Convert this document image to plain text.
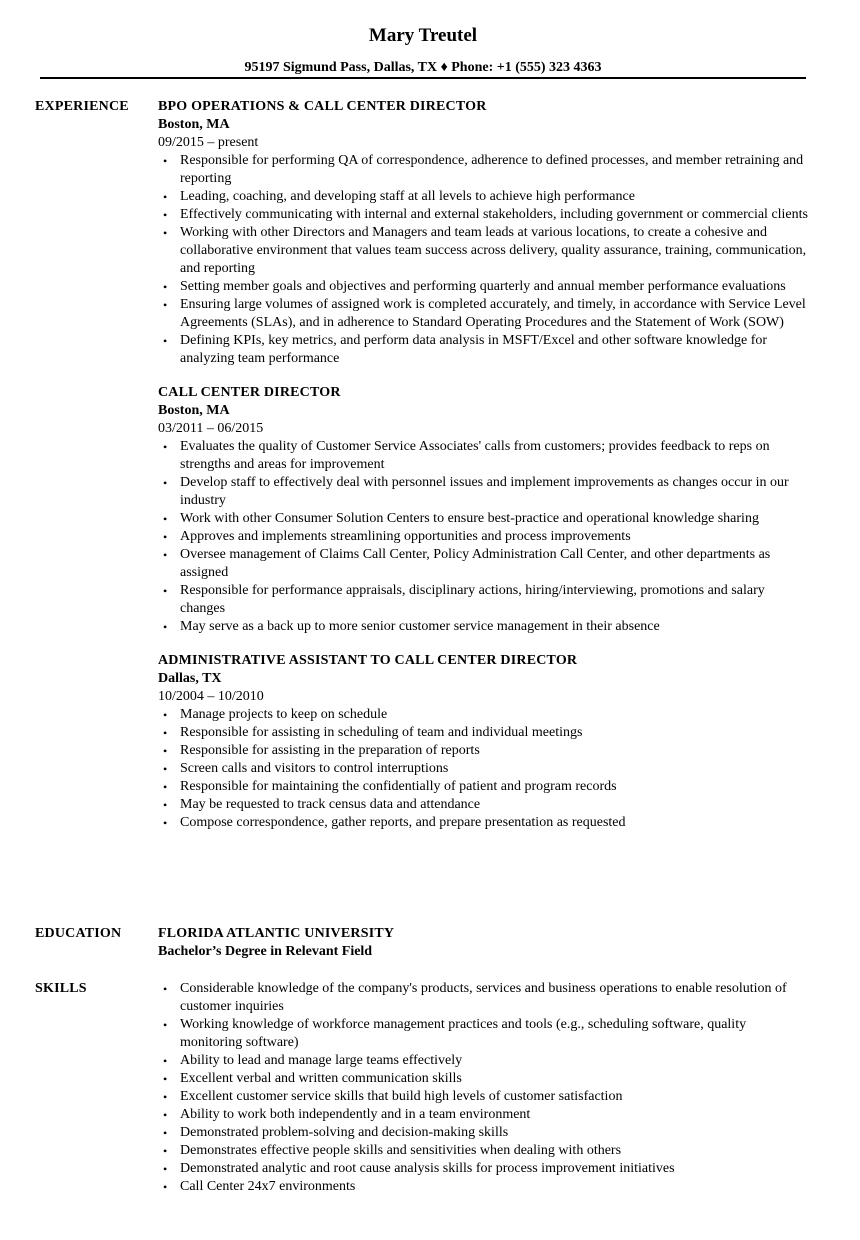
Mary Treutel
95197 Sigmund Pass, Dallas, TX ♦ Phone: +1 (555) 323 4363
EXPERIENCE BPO OPERATIONS & CALL CENTER DIRECTOR
Boston, MA
09/2015 – present
• Responsible for performing QA of correspondence, adherence to defined processes, and member retraining and reporting
• Leading, coaching, and developing staff at all levels to achieve high performance
• Effectively communicating with internal and external stakeholders, including government or commercial clients
• Working with other Directors and Managers and team leads at various locations, to create a cohesive and collaborative environment that values team success across delivery, quality assurance, training, communication, and reporting
• Setting member goals and objectives and performing quarterly and annual member performance evaluations
• Ensuring large volumes of assigned work is completed accurately, and timely, in accordance with Service Level Agreements (SLAs), and in adherence to Standard Operating Procedures and the Statement of Work (SOW)
• Defining KPIs, key metrics, and perform data analysis in MSFT/Excel and other software knowledge for analyzing team performance
CALL CENTER DIRECTOR
Boston, MA
03/2011 – 06/2015
• Evaluates the quality of Customer Service Associates' calls from customers; provides feedback to reps on strengths and areas for improvement
• Develop staff to effectively deal with personnel issues and implement improvements as changes occur in our industry
• Work with other Consumer Solution Centers to ensure best-practice and operational knowledge sharing
• Approves and implements streamlining opportunities and process improvements
• Oversee management of Claims Call Center, Policy Administration Call Center, and other departments as assigned
• Responsible for performance appraisals, disciplinary actions, hiring/interviewing, promotions and salary changes
• May serve as a back up to more senior customer service management in their absence
ADMINISTRATIVE ASSISTANT TO CALL CENTER DIRECTOR
Dallas, TX
10/2004 – 10/2010
• Manage projects to keep on schedule
• Responsible for assisting in scheduling of team and individual meetings
• Responsible for assisting in the preparation of reports
• Screen calls and visitors to control interruptions
• Responsible for maintaining the confidentially of patient and program records
• May be requested to track census data and attendance
• Compose correspondence, gather reports, and prepare presentation as requested
EDUCATION	FLORIDA ATLANTIC UNIVERSITY
Bachelor’s Degree in Relevant Field
SKILLS	• Considerable knowledge of the company's products, services and business operations to enable resolution of customer inquiries
• Working knowledge of workforce management practices and tools (e.g., scheduling software, quality monitoring software)
• Ability to lead and manage large teams effectively
• Excellent verbal and written communication skills
• Excellent customer service skills that build high levels of customer satisfaction
• Ability to work both independently and in a team environment
• Demonstrated problem-solving and decision-making skills
• Demonstrates effective people skills and sensitivities when dealing with others
• Demonstrated analytic and root cause analysis skills for process improvement initiatives
• Call Center 24x7 environments
